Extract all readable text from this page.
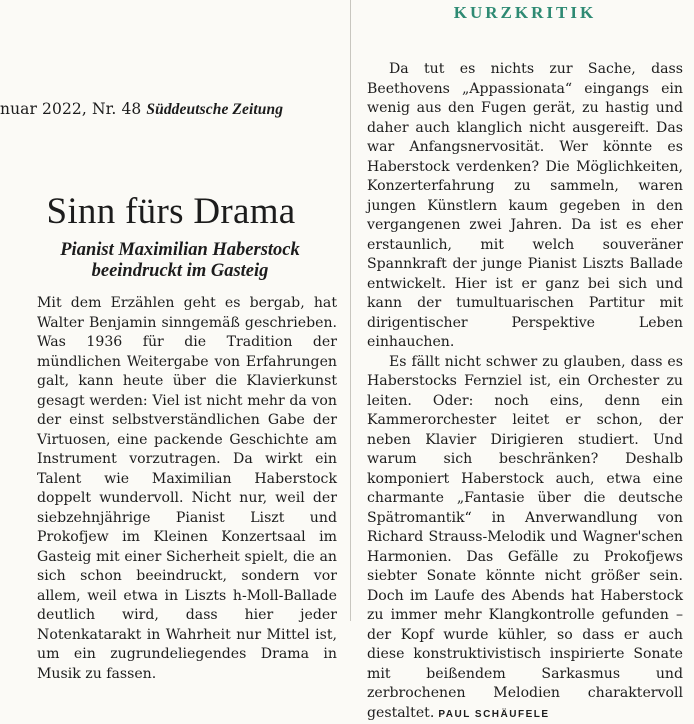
nuar 2022, Nr. 48 Süddeutsche Zeitung
Sinn fürs Drama
Pianist Maximilian Haberstock beeindruckt im Gasteig

Mit dem Erzählen geht es bergab, hat Walter Benjamin sinngemäß geschrieben. Was 1936 für die Tradition der mündlichen Weitergabe von Erfahrungen galt, kann heute über die Klavierkunst gesagt werden: Viel ist nicht mehr da von der einst selbstverständlichen Gabe der Virtuosen, eine packende Geschichte am Instrument vorzutragen. Da wirkt ein Talent wie Maximilian Haberstock doppelt wundervoll. Nicht nur, weil der siebzehnjährige Pianist Liszt und Prokofjew im Kleinen Konzertsaal im Gasteig mit einer Sicherheit spielt, die an sich schon beeindruckt, sondern vor allem, weil etwa in Liszts h-Moll-Ballade deutlich wird, dass hier jeder Notenkatarakt in Wahrheit nur Mittel ist, um ein zugrundeliegendes Drama in Musik zu fassen.

KURZKRITIK

Da tut es nichts zur Sache, dass Beethovens „Appassionata“ eingangs ein wenig aus den Fugen gerät, zu hastig und daher auch klanglich nicht ausgereift. Das war Anfangsnervosität. Wer könnte es Haberstock verdenken? Die Möglichkeiten, Konzerterfahrung zu sammeln, waren jungen Künstlern kaum gegeben in den vergangenen zwei Jahren. Da ist es eher erstaunlich, mit welch souveräner Spannkraft der junge Pianist Liszts Ballade entwickelt. Hier ist er ganz bei sich und kann der tumultuarischen Partitur mit dirigentischer Perspektive Leben einhauchen.

Es fällt nicht schwer zu glauben, dass es Haberstocks Fernziel ist, ein Orchester zu leiten. Oder: noch eins, denn ein Kammerorchester leitet er schon, der neben Klavier Dirigieren studiert. Und warum sich beschränken? Deshalb komponiert Haberstock auch, etwa eine charmante „Fantasie über die deutsche Spätromantik“ in Anverwandlung von Richard Strauss-Melodik und Wagner'schen Harmonien. Das Gefälle zu Prokofjews siebter Sonate könnte nicht größer sein. Doch im Laufe des Abends hat Haberstock zu immer mehr Klangkontrolle gefunden – der Kopf wurde kühler, so dass er auch diese konstruktivistisch inspirierte Sonate mit beißendem Sarkasmus und zerbrochenen Melodien charaktervoll gestaltet. PAUL SCHÄUFELE
